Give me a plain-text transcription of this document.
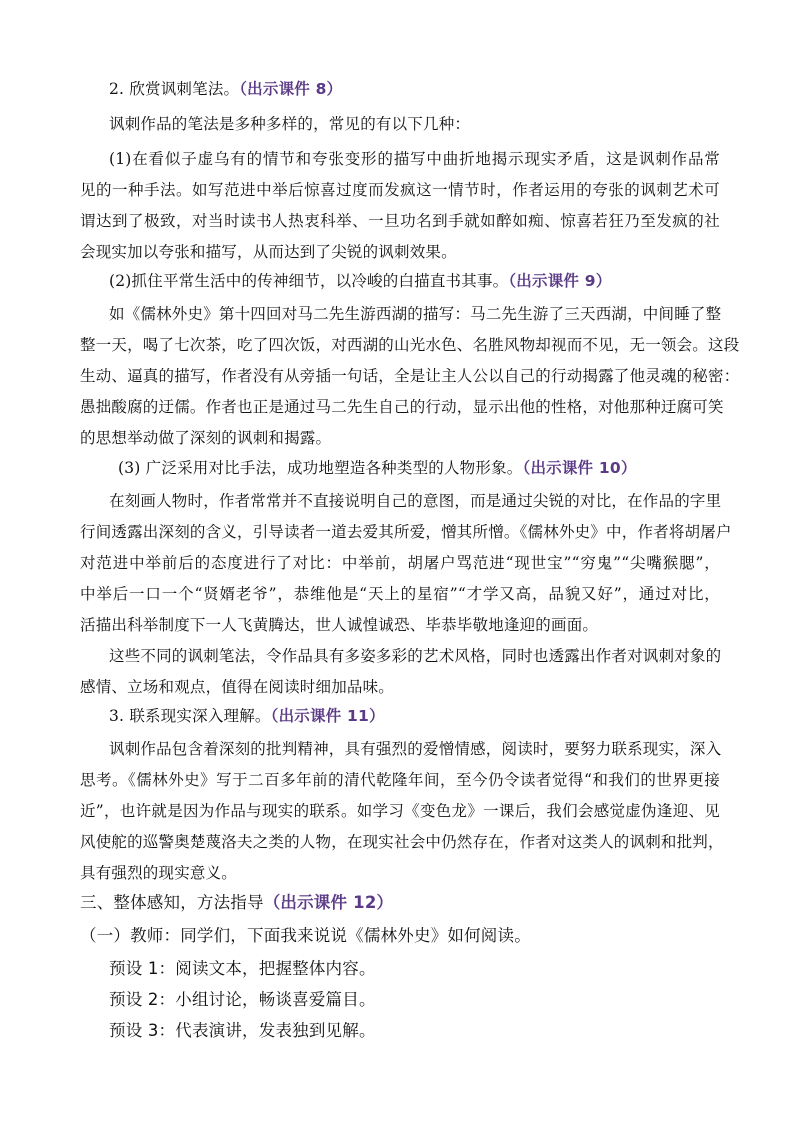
2. 欣赏讽刺笔法。（出示课件 8）
讽刺作品的笔法是多种多样的，常见的有以下几种：
(1)在看似子虚乌有的情节和夸张变形的描写中曲折地揭示现实矛盾，这是讽刺作品常
见的一种手法。如写范进中举后惊喜过度而发疯这一情节时，作者运用的夸张的讽刺艺术可
谓达到了极致，对当时读书人热衷科举、一旦功名到手就如醉如痴、惊喜若狂乃至发疯的社
会现实加以夸张和描写，从而达到了尖锐的讽刺效果。
(2)抓住平常生活中的传神细节，以冷峻的白描直书其事。（出示课件 9）
如《儒林外史》第十四回对马二先生游西湖的描写：马二先生游了三天西湖，中间睡了整
整一天，喝了七次茶，吃了四次饭，对西湖的山光水色、名胜风物却视而不见，无一领会。这段
生动、逼真的描写，作者没有从旁插一句话，全是让主人公以自己的行动揭露了他灵魂的秘密：
愚拙酸腐的迂儒。作者也正是通过马二先生自己的行动，显示出他的性格，对他那种迂腐可笑
的思想举动做了深刻的讽刺和揭露。
(3) 广泛采用对比手法，成功地塑造各种类型的人物形象。（出示课件 10）
在刻画人物时，作者常常并不直接说明自己的意图，而是通过尖锐的对比，在作品的字里
行间透露出深刻的含义，引导读者一道去爱其所爱，憎其所憎。《儒林外史》中，作者将胡屠户
对范进中举前后的态度进行了对比：中举前，胡屠户骂范进“现世宝”“穷鬼”“尖嘴猴腮”，
中举后一口一个“贤婿老爷”，恭维他是“天上的星宿”“才学又高，品貌又好”，通过对比，
活描出科举制度下一人飞黄腾达，世人诚惶诚恐、毕恭毕敬地逢迎的画面。
这些不同的讽刺笔法，令作品具有多姿多彩的艺术风格，同时也透露出作者对讽刺对象的
感情、立场和观点，值得在阅读时细加品味。
3. 联系现实深入理解。（出示课件 11）
讽刺作品包含着深刻的批判精神，具有强烈的爱憎情感，阅读时，要努力联系现实，深入
思考。《儒林外史》写于二百多年前的清代乾隆年间，至今仍令读者觉得“和我们的世界更接
近”，也许就是因为作品与现实的联系。如学习《变色龙》一课后，我们会感觉虚伪逢迎、见
风使舵的巡警奥楚蔑洛夫之类的人物，在现实社会中仍然存在，作者对这类人的讽刺和批判，
具有强烈的现实意义。
三、整体感知，方法指导（出示课件 12）
（一）教师：同学们，下面我来说说《儒林外史》如何阅读。
预设 1：阅读文本，把握整体内容。
预设 2：小组讨论，畅谈喜爱篇目。
预设 3：代表演讲，发表独到见解。
